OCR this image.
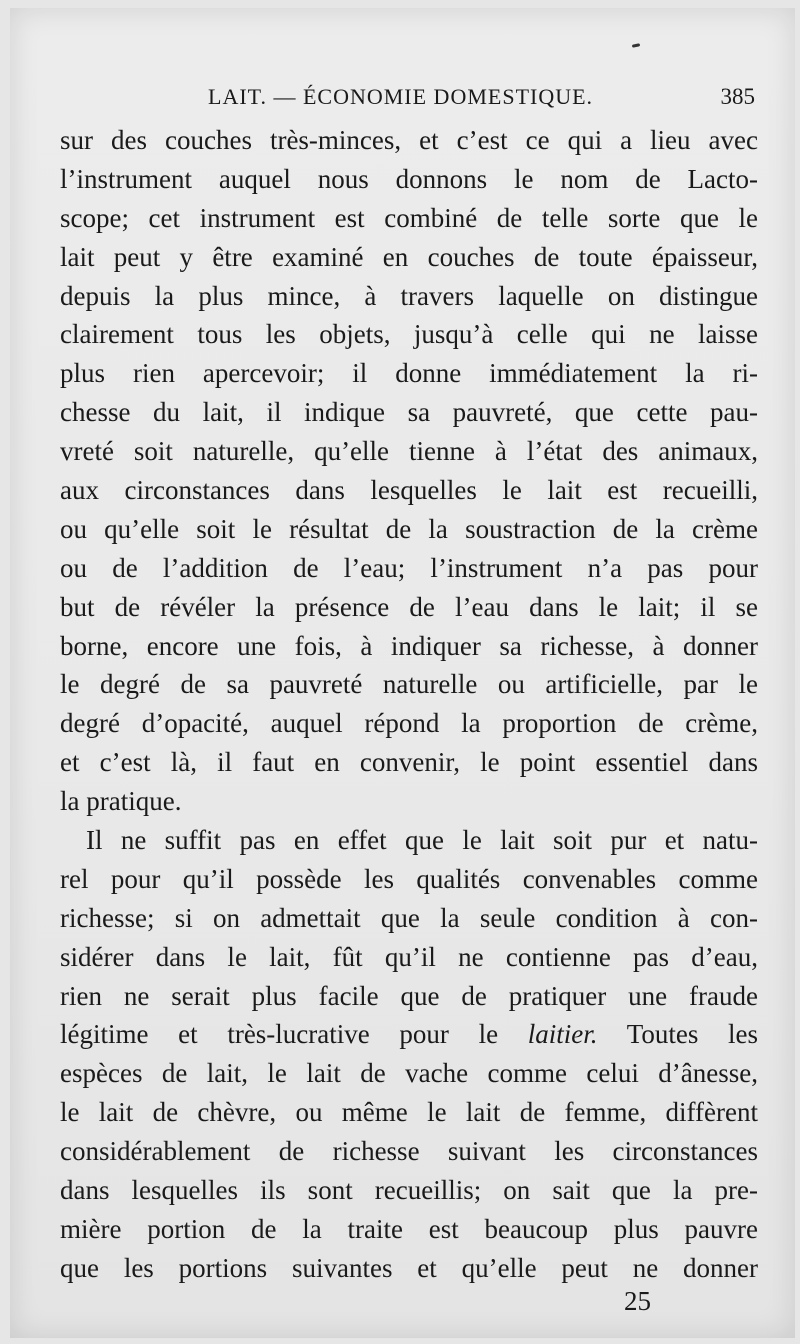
LAIT. — ÉCONOMIE DOMESTIQUE.	385
sur des couches très-minces, et c’est ce qui a lieu avec
l’instrument auquel nous donnons le nom de Lacto-
scope; cet instrument est combiné de telle sorte que le
lait peut y être examiné en couches de toute épaisseur,
depuis la plus mince, à travers laquelle on distingue
clairement tous les objets, jusqu’à celle qui ne laisse
plus rien apercevoir; il donne immédiatement la ri-
chesse du lait, il indique sa pauvreté, que cette pau-
vreté soit naturelle, qu’elle tienne à l’état des animaux,
aux circonstances dans lesquelles le lait est recueilli,
ou qu’elle soit le résultat de la soustraction de la crème
ou de l’addition de l’eau; l’instrument n’a pas pour
but de révéler la présence de l’eau dans le lait; il se
borne, encore une fois, à indiquer sa richesse, à donner
le degré de sa pauvreté naturelle ou artificielle, par le
degré d’opacité, auquel répond la proportion de crème,
et c’est là, il faut en convenir, le point essentiel dans
la pratique.
Il ne suffit pas en effet que le lait soit pur et natu-
rel pour qu’il possède les qualités convenables comme
richesse; si on admettait que la seule condition à con-
sidérer dans le lait, fût qu’il ne contienne pas d’eau,
rien ne serait plus facile que de pratiquer une fraude
légitime et très-lucrative pour le laitier. Toutes les
espèces de lait, le lait de vache comme celui d’ânesse,
le lait de chèvre, ou même le lait de femme, diffèrent
considérablement de richesse suivant les circonstances
dans lesquelles ils sont recueillis; on sait que la pre-
mière portion de la traite est beaucoup plus pauvre
que les portions suivantes et qu’elle peut ne donner
25
